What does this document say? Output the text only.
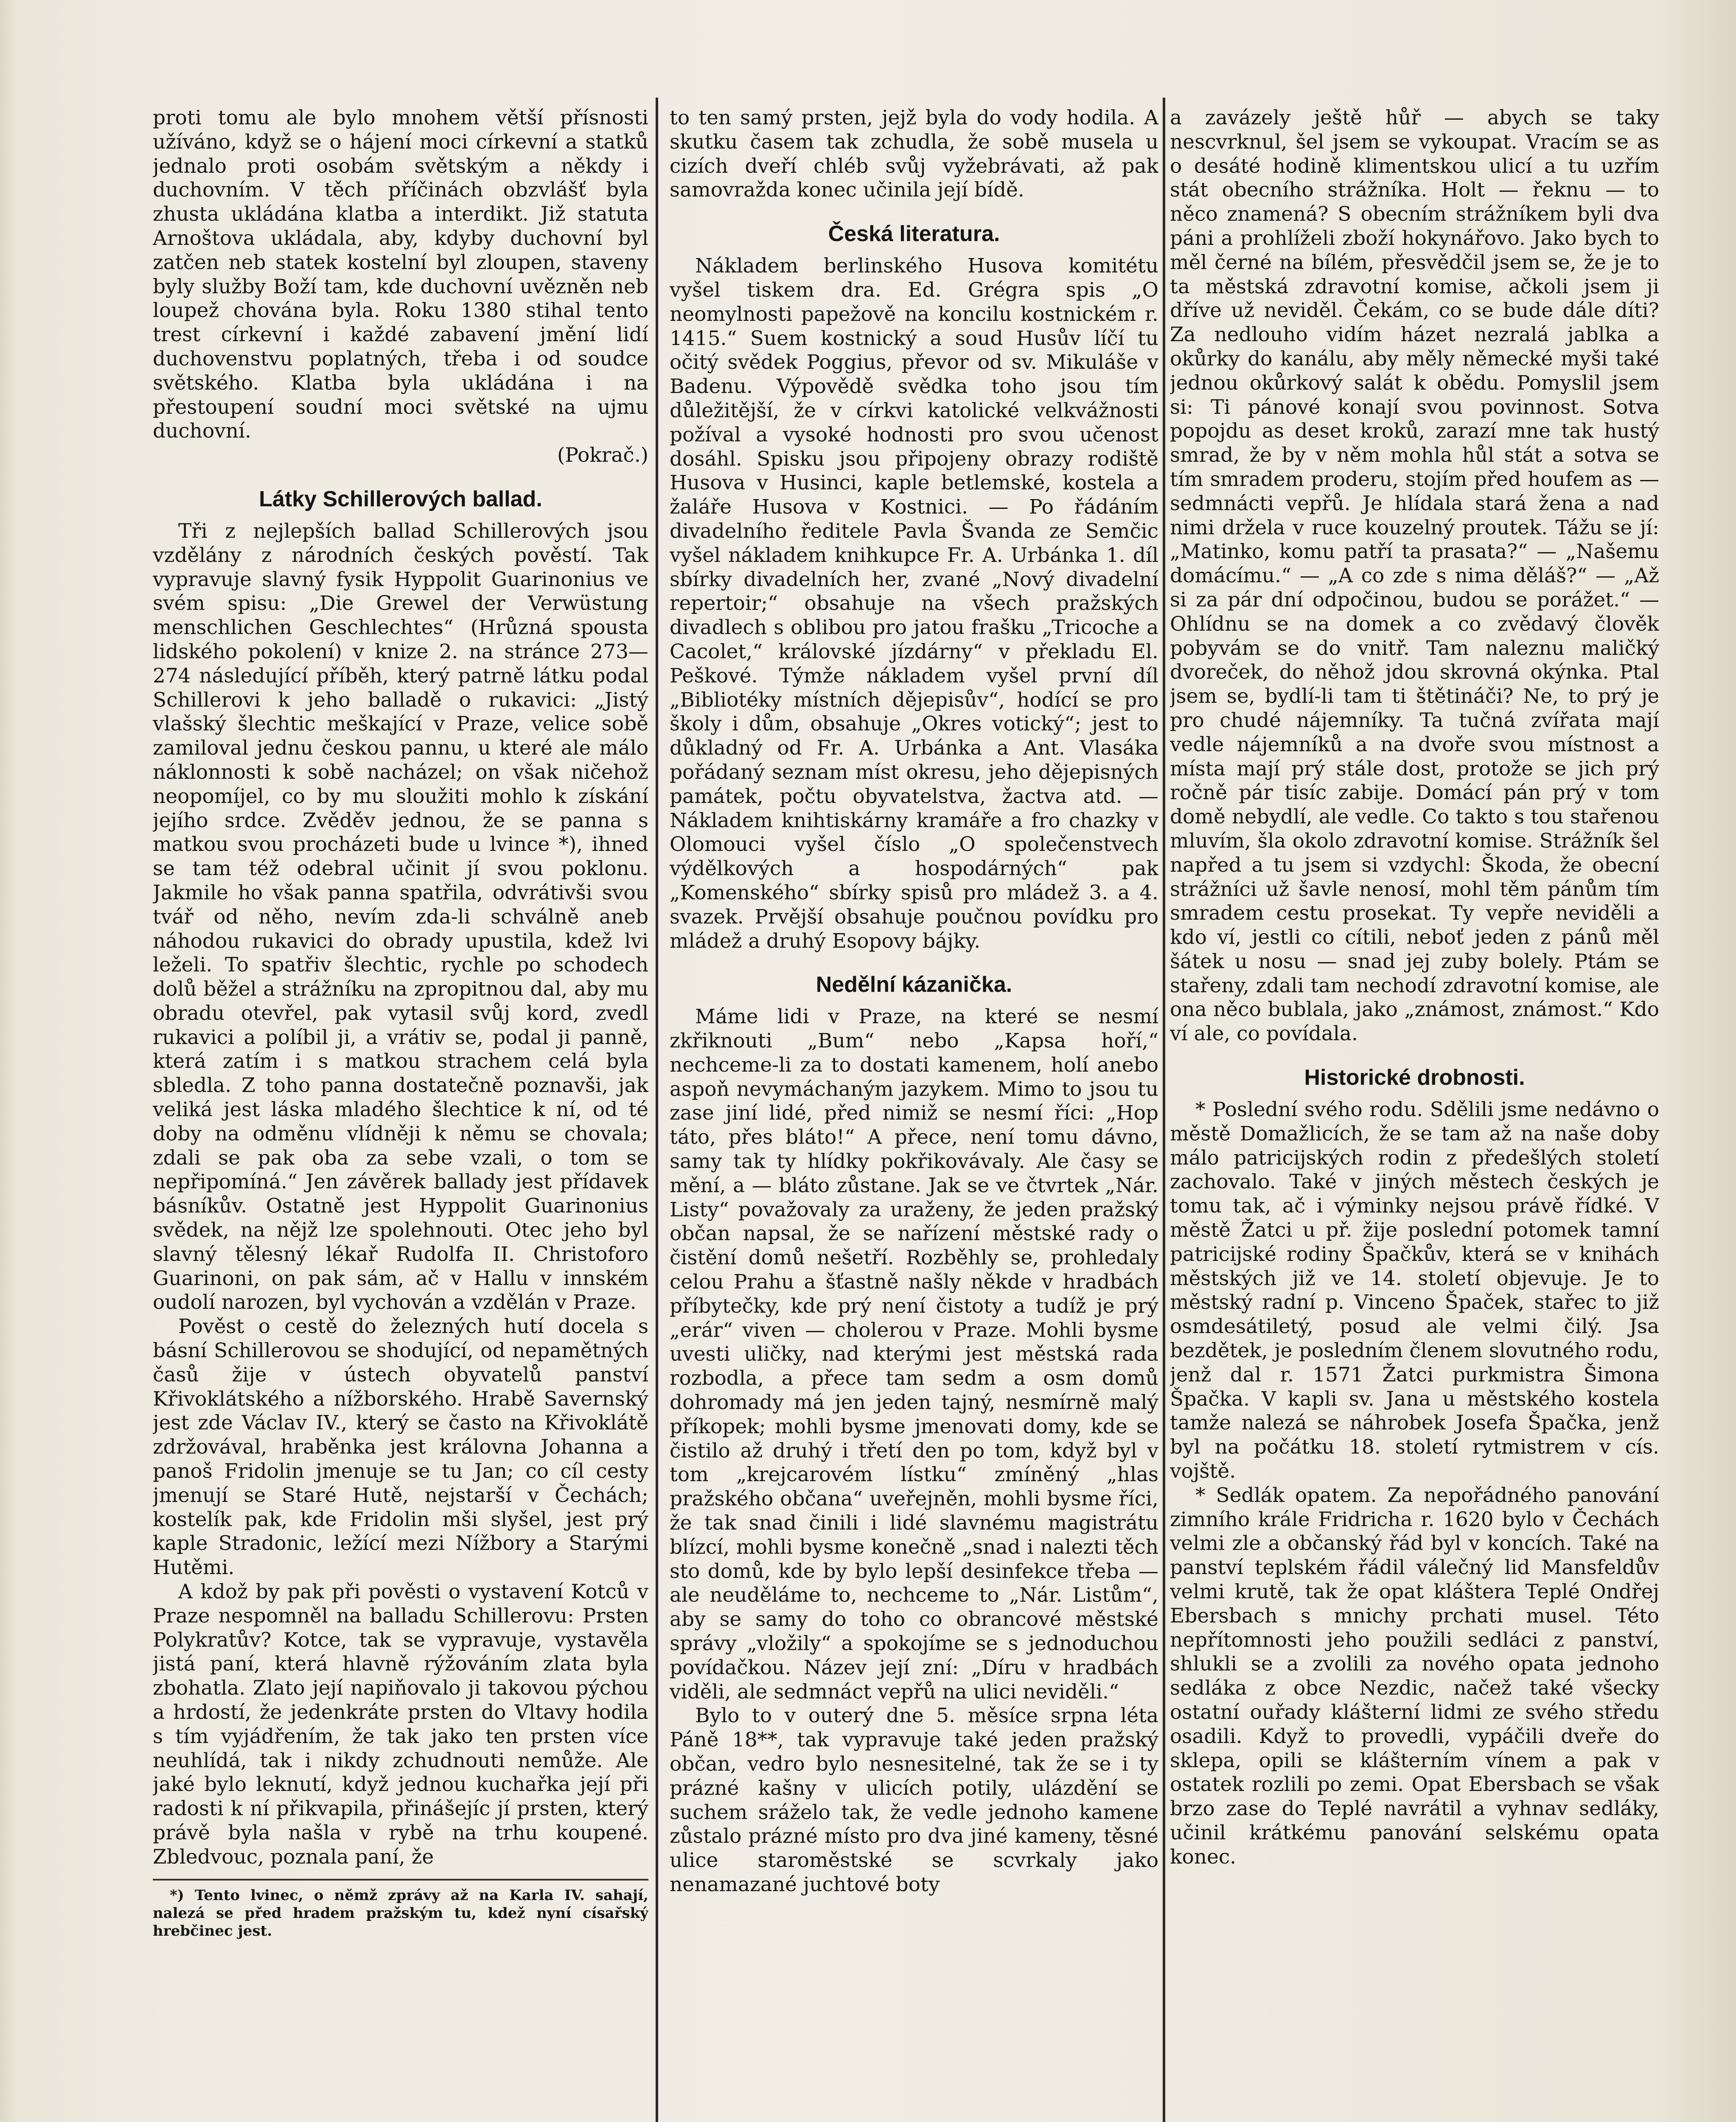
proti tomu ale bylo mnohem větší přísnosti užíváno, když se o hájení moci církevní a statků jednalo proti osobám světským a někdy i duchovním. V těch příčinách obzvlášť byla zhusta ukládána klatba a interdikt. Již statuta Arnoštova ukládala, aby, kdyby duchovní byl zatčen neb statek kostelní byl zloupen, staveny byly služby Boží tam, kde duchovní uvězněn neb loupež chována byla. Roku 1380 stihal tento trest církevní i každé zabavení jmění lidí duchovenstvu poplatných, třeba i od soudce světského. Klatba byla ukládána i na přestoupení soudní moci světské na ujmu duchovní.

(Pokrač.)

Látky Schillerových ballad.

Tři z nejlepších ballad Schillerových jsou vzdělány z národních českých pověstí. Tak vypravuje slavný fysik Hyppolit Guarinonius ve svém spisu: „Die Grewel der Verwüstung menschlichen Geschlechtes“ (Hrůzná spousta lidského pokolení) v knize 2. na stránce 273—274 následující příběh, který patrně látku podal Schillerovi k jeho balladě o rukavici: „Jistý vlašský šlechtic meškající v Praze, velice sobě zamiloval jednu českou pannu, u které ale málo náklonnosti k sobě nacházel; on však ničehož neopomíjel, co by mu sloužiti mohlo k získání jejího srdce. Zvěděv jednou, že se panna s matkou svou procházeti bude u lvince *), ihned se tam též odebral učinit jí svou poklonu. Jakmile ho však panna spatřila, odvrátivši svou tvář od něho, nevím zda-li schválně aneb náhodou rukavici do obrady upustila, kdež lvi leželi. To spatřiv šlechtic, rychle po schodech dolů běžel a strážníku na zpropitnou dal, aby mu obradu otevřel, pak vytasil svůj kord, zvedl rukavici a políbil ji, a vrátiv se, podal ji panně, která zatím i s matkou strachem celá byla sbledla. Z toho panna dostatečně poznavši, jak veliká jest láska mladého šlechtice k ní, od té doby na odměnu vlídněji k němu se chovala; zdali se pak oba za sebe vzali, o tom se nepřipomíná.“ Jen závěrek ballady jest přídavek básníkův. Ostatně jest Hyppolit Guarinonius svědek, na nějž lze spolehnouti. Otec jeho byl slavný tělesný lékař Rudolfa II. Christoforo Guarinoni, on pak sám, ač v Hallu v innském oudolí narozen, byl vychován a vzdělán v Praze.

Pověst o cestě do železných hutí docela s básní Schillerovou se shodující, od nepamětných časů žije v ústech obyvatelů panství Křivoklátského a nížborského. Hrabě Savernský jest zde Václav IV., který se často na Křivoklátě zdržovával, hraběnka jest královna Johanna a panoš Fridolin jmenuje se tu Jan; co cíl cesty jmenují se Staré Hutě, nejstarší v Čechách; kostelík pak, kde Fridolin mši slyšel, jest prý kaple Stradonic, ležící mezi Nížbory a Starými Hutěmi.

A kdož by pak při pověsti o vystavení Kotců v Praze nespomněl na balladu Schillerovu: Prsten Polykratův? Kotce, tak se vypravuje, vystavěla jistá paní, která hlavně rýžováním zlata byla zbohatla. Zlato její napiňovalo ji takovou pýchou a hrdostí, že jedenkráte prsten do Vltavy hodila s tím vyjádřením, že tak jako ten prsten více neuhlídá, tak i nikdy zchudnouti nemůže. Ale jaké bylo leknutí, když jednou kuchařka její při radosti k ní přikvapila, přinášejíc jí prsten, který právě byla našla v rybě na trhu koupené. Zbledvouc, poznala paní, že

*) Tento lvinec, o němž zprávy až na Karla IV. sahají, nalezá se před hradem pražským tu, kdež nyní císařský hrebčinec jest.

to ten samý prsten, jejž byla do vody hodila. A skutku časem tak zchudla, že sobě musela u cizích dveří chléb svůj vyžebrávati, až pak samovražda konec učinila její bídě.

Česká literatura.

Nákladem berlinského Husova komitétu vyšel tiskem dra. Ed. Grégra spis „O neomylnosti papežově na koncilu kostnickém r. 1415.“ Suem kostnický a soud Husův líčí tu očitý svědek Poggius, převor od sv. Mikuláše v Badenu. Výpovědě svědka toho jsou tím důležitější, že v církvi katolické velkvážnosti požíval a vysoké hodnosti pro svou učenost dosáhl. Spisku jsou připojeny obrazy rodiště Husova v Husinci, kaple betlemské, kostela a žaláře Husova v Kostnici. — Po řádáním divadelního ředitele Pavla Švanda ze Semčic vyšel nákladem knihkupce Fr. A. Urbánka 1. díl sbírky divadelních her, zvané „Nový divadelní repertoir;“ obsahuje na všech pražských divadlech s oblibou pro jatou frašku „Tricoche a Cacolet,“ královské jízdárny“ v překladu El. Peškové. Týmže nákladem vyšel první díl „Bibliotéky místních dějepisův“, hodící se pro školy i dům, obsahuje „Okres votický“; jest to důkladný od Fr. A. Urbánka a Ant. Vlasáka pořádaný seznam míst okresu, jeho dějepisných památek, počtu obyvatelstva, žactva atd. — Nákladem knihtiskárny kramáře a fro chazky v Olomouci vyšel číslo „O společenstvech výdělkových a hospodárných“ pak „Komenského“ sbírky spisů pro mládež 3. a 4. svazek. Prvější obsahuje poučnou povídku pro mládež a druhý Esopovy bájky.

Nedělní kázanička.

Máme lidi v Praze, na které se nesmí zkřiknouti „Bum“ nebo „Kapsa hoří,“ nechceme-li za to dostati kamenem, holí anebo aspoň nevymáchaným jazykem. Mimo to jsou tu zase jiní lidé, před nimiž se nesmí říci: „Hop táto, přes bláto!“ A přece, není tomu dávno, samy tak ty hlídky pokřikovávaly. Ale časy se mění, a — bláto zůstane. Jak se ve čtvrtek „Nár. Listy“ považovaly za uraženy, že jeden pražský občan napsal, že se nařízení městské rady o čistění domů nešetří. Rozběhly se, prohledaly celou Prahu a šťastně našly někde v hradbách příbytečky, kde prý není čistoty a tudíž je prý „erár“ viven — cholerou v Praze. Mohli bysme uvesti uličky, nad kterými jest městská rada rozbodla, a přece tam sedm a osm domů dohromady má jen jeden tajný, nesmírně malý příkopek; mohli bysme jmenovati domy, kde se čistilo až druhý i třetí den po tom, když byl v tom „krejcarovém lístku“ zmíněný „hlas pražského občana“ uveřejněn, mohli bysme říci, že tak snad činili i lidé slavnému magistrátu blízcí, mohli bysme konečně „snad i nalezti těch sto domů, kde by bylo lepší desinfekce třeba — ale neuděláme to, nechceme to „Nár. Listům“, aby se samy do toho co obrancové městské správy „vložily“ a spokojíme se s jednoduchou povídačkou. Název její zní: „Díru v hradbách viděli, ale sedmnáct vepřů na ulici neviděli.“

Bylo to v outerý dne 5. měsíce srpna léta Páně 18**, tak vypravuje také jeden pražský občan, vedro bylo nesnesitelné, tak že se i ty prázné kašny v ulicích potily, ulázdění se suchem sráželo tak, že vedle jednoho kamene zůstalo prázné místo pro dva jiné kameny, těsné ulice staroměstské se scvrkaly jako nenamazané juchtové boty

a zavázely ještě hůř — abych se taky nescvrknul, šel jsem se vykoupat. Vracím se as o desáté hodině klimentskou ulicí a tu uzřím stát obecního strážníka. Holt — řeknu — to něco znamená? S obecním strážníkem byli dva páni a prohlíželi zboží hokynářovo. Jako bych to měl černé na bílém, přesvědčil jsem se, že je to ta městská zdravotní komise, ačkoli jsem ji dříve už neviděl. Čekám, co se bude dále díti? Za nedlouho vidím házet nezralá jablka a okůrky do kanálu, aby měly německé myši také jednou okůrkový salát k obědu. Pomyslil jsem si: Ti pánové konají svou povinnost. Sotva popojdu as deset kroků, zarazí mne tak hustý smrad, že by v něm mohla hůl stát a sotva se tím smradem proderu, stojím před houfem as — sedmnácti vepřů. Je hlídala stará žena a nad nimi držela v ruce kouzelný proutek. Tážu se jí: „Matinko, komu patří ta prasata?“ — „Našemu domácímu.“ — „A co zde s nima děláš?“ — „Až si za pár dní odpočinou, budou se porážet.“ — Ohlídnu se na domek a co zvědavý člověk pobyvám se do vnitř. Tam naleznu maličký dvoreček, do něhož jdou skrovná okýnka. Ptal jsem se, bydlí-li tam ti štětináči? Ne, to prý je pro chudé nájemníky. Ta tučná zvířata mají vedle nájemníků a na dvoře svou místnost a místa mají prý stále dost, protože se jich prý ročně pár tisíc zabije. Domácí pán prý v tom domě nebydlí, ale vedle. Co takto s tou stařenou mluvím, šla okolo zdravotní komise. Strážník šel napřed a tu jsem si vzdychl: Škoda, že obecní strážníci už šavle nenosí, mohl těm pánům tím smradem cestu prosekat. Ty vepře neviděli a kdo ví, jestli co cítili, neboť jeden z pánů měl šátek u nosu — snad jej zuby bolely. Ptám se stařeny, zdali tam nechodí zdravotní komise, ale ona něco bublala, jako „známost, známost.“ Kdo ví ale, co povídala.

Historické drobnosti.

* Poslední svého rodu. Sdělili jsme nedávno o městě Domažlicích, že se tam až na naše doby málo patricijských rodin z předešlých století zachovalo. Také v jiných městech českých je tomu tak, ač i výminky nejsou právě řídké. V městě Žatci u př. žije poslední potomek tamní patricijské rodiny Špačkův, která se v knihách městských již ve 14. století objevuje. Je to městský radní p. Vinceno Špaček, stařec to již osmdesátiletý, posud ale velmi čilý. Jsa bezdětek, je posledním členem slovutného rodu, jenž dal r. 1571 Žatci purkmistra Šimona Špačka. V kapli sv. Jana u městského kostela tamže nalezá se náhrobek Josefa Špačka, jenž byl na počátku 18. století rytmistrem v cís. vojště.

* Sedlák opatem. Za nepořádného panování zimního krále Fridricha r. 1620 bylo v Čechách velmi zle a občanský řád byl v koncích. Také na panství teplském řádil válečný lid Mansfeldův velmi krutě, tak že opat kláštera Teplé Ondřej Ebersbach s mnichy prchati musel. Této nepřítomnosti jeho použili sedláci z panství, shlukli se a zvolili za nového opata jednoho sedláka z obce Nezdic, načež také všecky ostatní ouřady klášterní lidmi ze svého středu osadili. Když to provedli, vypáčili dveře do sklepa, opili se klášterním vínem a pak v ostatek rozlili po zemi. Opat Ebersbach se však brzo zase do Teplé navrátil a vyhnav sedláky, učinil krátkému panování selskému opata konec.
